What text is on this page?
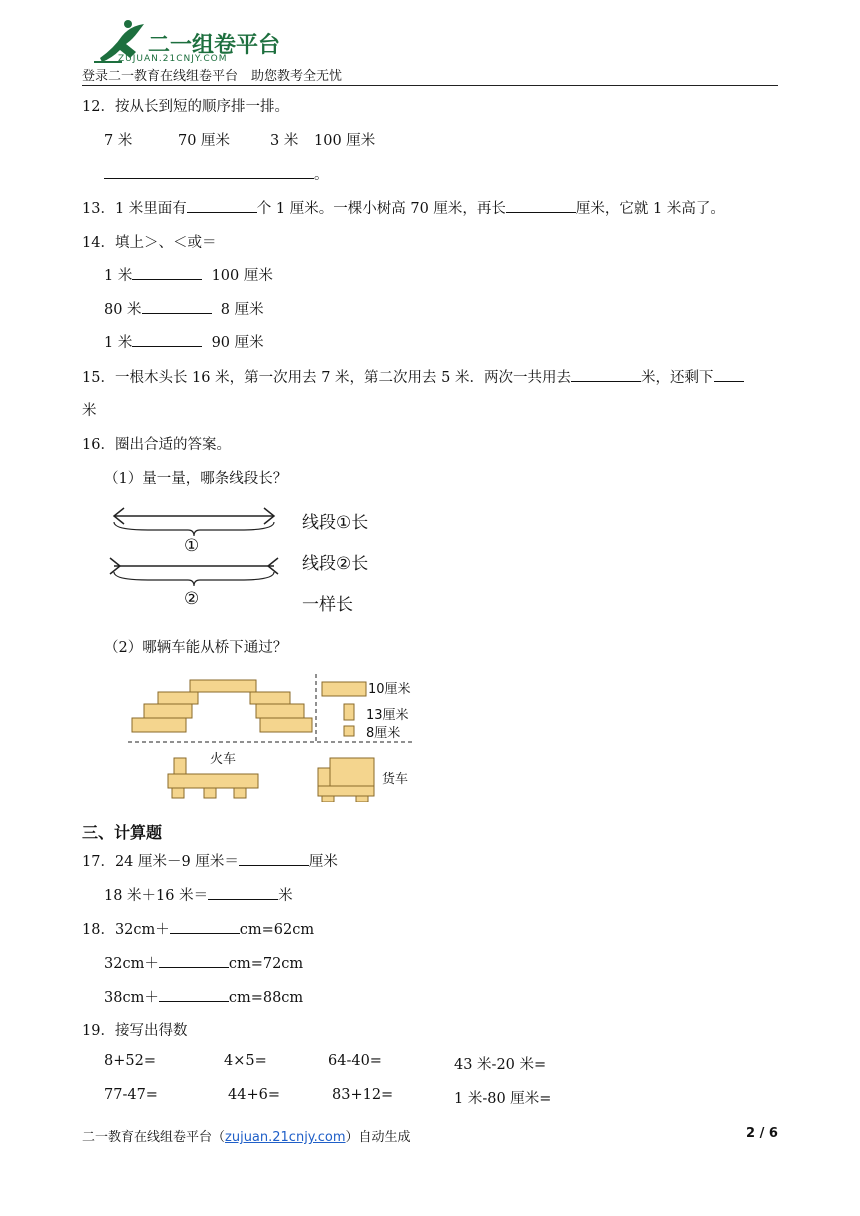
二一组卷平台
ZUJUAN.21CNJY.COM
登录二一教育在线组卷平台　助您教考全无忧
12．按从长到短的顺序排一排。
7 米	70 厘米	3 米 100 厘米
。
13．1 米里面有	个 1 厘米。一棵小树高 70 厘米，再长	厘米，它就 1 米高了。
14．填上＞、＜或＝
1 米	100 厘米
80 米	8 厘米
1 米	90 厘米
15．一根木头长 16 米，第一次用去 7 米，第二次用去 5 米．两次一共用去	米，还剩下
米
16．圈出合适的答案。
（1）量一量，哪条线段长？
①
②
线段①长
线段②长
一样长
（2）哪辆车能从桥下通过？
10厘米
13厘米
8厘米
火车
货车
三、计算题
17．24 厘米－9 厘米＝	厘米
18 米＋16 米＝	米
18．32cm＋	cm=62cm
32cm＋	cm=72cm
38cm＋	cm=88cm
19．接写出得数
8+52=	4×5=	64-40=	43 米-20 米=
77-47=	44+6=	83+12=	1 米-80 厘米=
二一教育在线组卷平台（zujuan.21cnjy.com）自动生成	2 / 6
